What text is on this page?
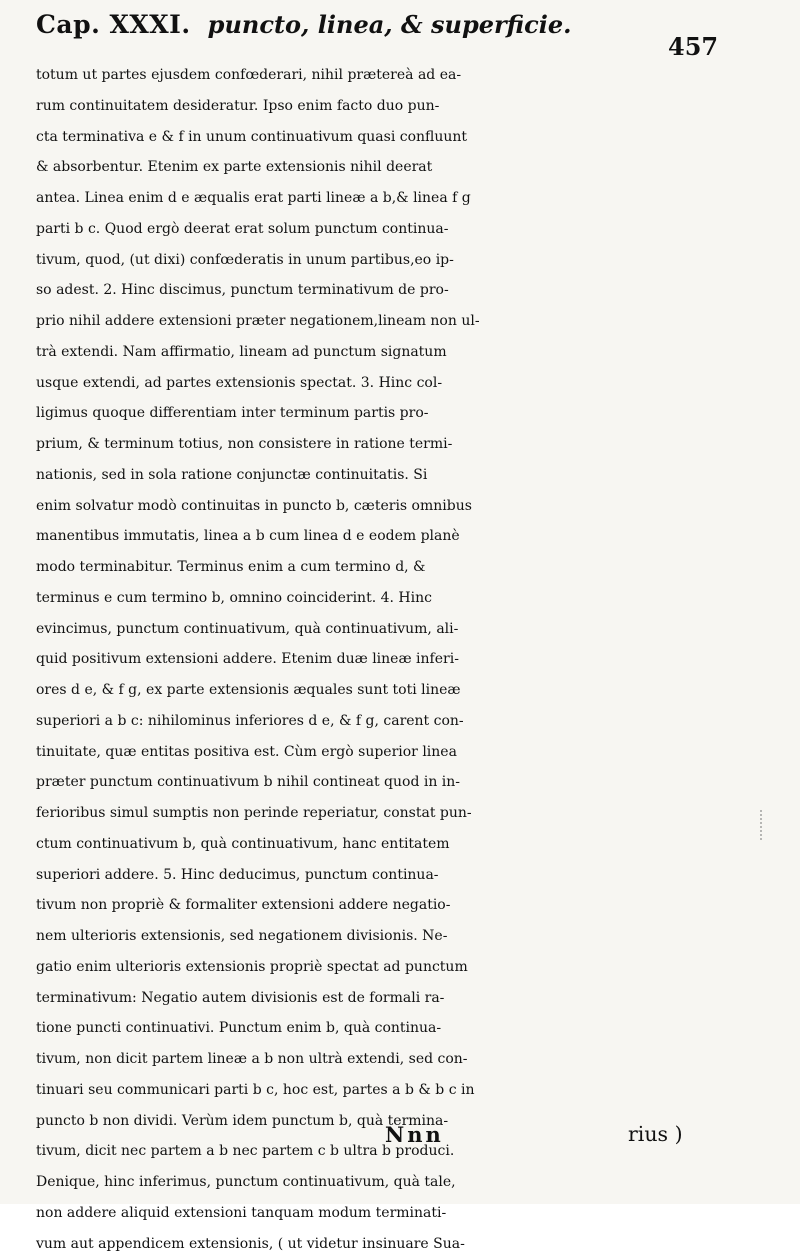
Cap. XXXI. puncto, linea, & superficie.
457
totum ut partes ejusdem confœderari, nihil prætereà ad ea-
rum continuitatem desideratur. Ipso enim facto duo pun-
cta terminativa e & f in unum continuativum quasi confluunt
& absorbentur. Etenim ex parte extensionis nihil deerat
antea. Linea enim d e æqualis erat parti lineæ a b,& linea f g
parti b c. Quod ergò deerat erat solum punctum continua-
tivum, quod, (ut dixi) confœderatis in unum partibus,eo ip-
so adest. 2. Hinc discimus, punctum terminativum de pro-
prio nihil addere extensioni præter negationem,lineam non ul-
trà extendi. Nam affirmatio, lineam ad punctum signatum
usque extendi, ad partes extensionis spectat. 3. Hinc col-
ligimus quoque differentiam inter terminum partis pro-
prium, & terminum totius, non consistere in ratione termi-
nationis, sed in sola ratione conjunctæ continuitatis. Si
enim solvatur modò continuitas in puncto b, cæteris omnibus
manentibus immutatis, linea a b cum linea d e eodem planè
modo terminabitur. Terminus enim a cum termino d, &
terminus e cum termino b, omnino coinciderint. 4. Hinc
evincimus, punctum continuativum, quà continuativum, ali-
quid positivum extensioni addere. Etenim duæ lineæ inferi-
ores d e, & f g, ex parte extensionis æquales sunt toti lineæ
superiori a b c: nihilominus inferiores d e, & f g, carent con-
tinuitate, quæ entitas positiva est. Cùm ergò superior linea
præter punctum continuativum b nihil contineat quod in in-
ferioribus simul sumptis non perinde reperiatur, constat pun-
ctum continuativum b, quà continuativum, hanc entitatem
superiori addere. 5. Hinc deducimus, punctum continua-
tivum non propriè & formaliter extensioni addere negatio-
nem ulterioris extensionis, sed negationem divisionis. Ne-
gatio enim ulterioris extensionis propriè spectat ad punctum
terminativum: Negatio autem divisionis est de formali ra-
tione puncti continuativi. Punctum enim b, quà continua-
tivum, non dicit partem lineæ a b non ultrà extendi, sed con-
tinuari seu communicari parti b c, hoc est, partes a b & b c in
puncto b non dividi. Verùm idem punctum b, quà termina-
tivum, dicit nec partem a b nec partem c b ultra b produci.
Denique, hinc inferimus, punctum continuativum, quà tale,
non addere aliquid extensioni tanquam modum terminati-
vum aut appendicem extensionis, ( ut videtur insinuare Sua-
Nnn	rius )
